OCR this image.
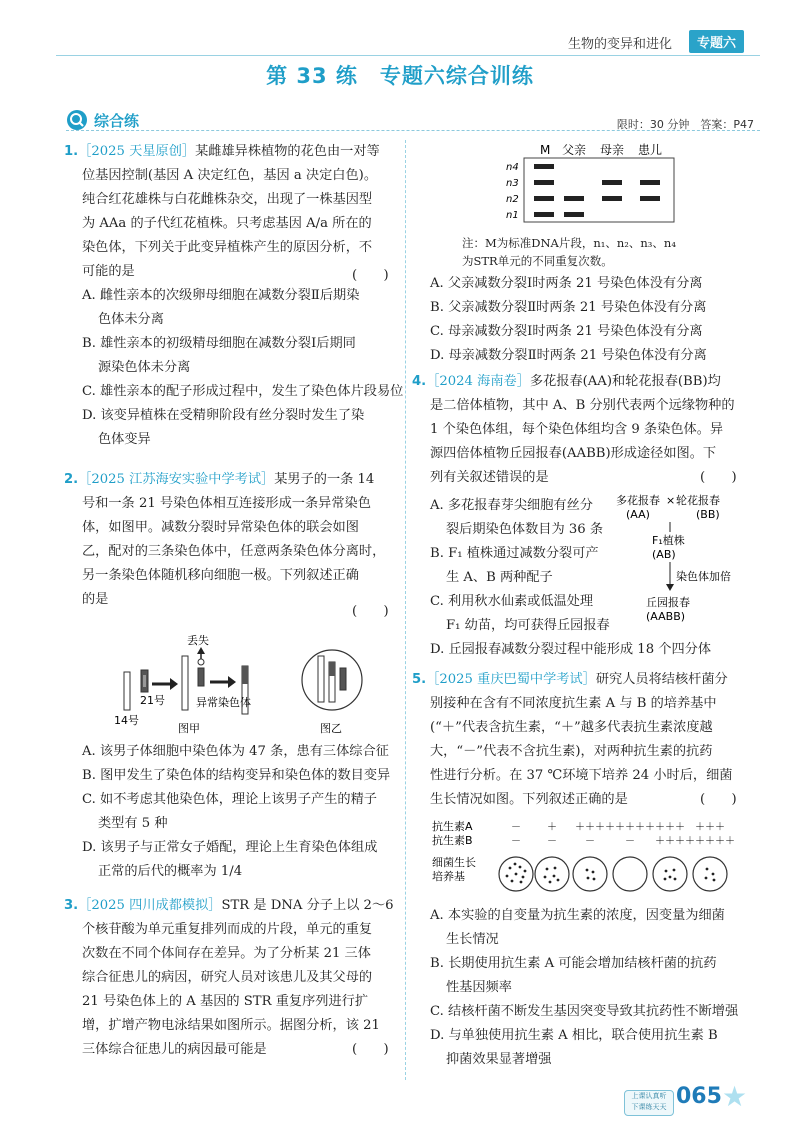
生物的变异和进化	专题六
第 33 练　专题六综合训练
综合练	限时：30 分钟　答案：P47
1.［2025 天星原创］某雌雄异株植物的花色由一对等
位基因控制(基因 A 决定红色，基因 a 决定白色)。
纯合红花雄株与白花雌株杂交，出现了一株基因型
为 AAa 的子代红花植株。只考虑基因 A/a 所在的
染色体，下列关于此变异植株产生的原因分析，不
可能的是
A. 雌性亲本的次级卵母细胞在减数分裂Ⅱ后期染
色体未分离
B. 雄性亲本的初级精母细胞在减数分裂Ⅰ后期同
源染色体未分离
C. 雄性亲本的配子形成过程中，发生了染色体片段易位
D. 该变异植株在受精卵阶段有丝分裂时发生了染
色体变异
(　　)
2.［2025 江苏海安实验中学考试］某男子的一条 14
号和一条 21 号染色体相互连接形成一条异常染色
体，如图甲。减数分裂时异常染色体的联会如图
乙，配对的三条染色体中，任意两条染色体分离时，
另一条染色体随机移向细胞一极。下列叙述正确
的是
(　　)
丢失
14号
21号	异常染色体
图甲	图乙
A. 该男子体细胞中染色体为 47 条，患有三体综合征
B. 图甲发生了染色体的结构变异和染色体的数目变异
C. 如不考虑其他染色体，理论上该男子产生的精子
类型有 5 种
D. 该男子与正常女子婚配，理论上生育染色体组成
正常的后代的概率为 1/4
3.［2025 四川成都模拟］STR 是 DNA 分子上以 2～6
个核苷酸为单元重复排列而成的片段，单元的重复
次数在不同个体间存在差异。为了分析某 21 三体
综合征患儿的病因，研究人员对该患儿及其父母的
21 号染色体上的 A 基因的 STR 重复序列进行扩
增，扩增产物电泳结果如图所示。据图分析，该 21
三体综合征患儿的病因最可能是	(　　)
M 父亲 母亲 患儿
n4
n3
n2
n1
注：M为标准DNA片段，n₁、n₂、n₃、n₄
为STR单元的不同重复次数。
A. 父亲减数分裂Ⅰ时两条 21 号染色体没有分离
B. 父亲减数分裂Ⅱ时两条 21 号染色体没有分离
C. 母亲减数分裂Ⅰ时两条 21 号染色体没有分离
D. 母亲减数分裂Ⅱ时两条 21 号染色体没有分离
4.［2024 海南卷］多花报春(AA)和轮花报春(BB)均
是二倍体植物，其中 A、B 分别代表两个远缘物种的
1 个染色体组，每个染色体组均含 9 条染色体。异
源四倍体植物丘园报春(AABB)形成途径如图。下
列有关叙述错误的是	(　　)
A. 多花报春芽尖细胞有丝分
裂后期染色体数目为 36 条
B. F₁ 植株通过减数分裂可产
生 A、B 两种配子
C. 利用秋水仙素或低温处理
F₁ 幼苗，均可获得丘园报春
D. 丘园报春减数分裂过程中能形成 18 个四分体
多花报春 × 轮花报春
(AA)	(BB)
F₁植株
(AB)
染色体加倍
丘园报春
(AABB)
5.［2025 重庆巴蜀中学考试］研究人员将结核杆菌分
别接种在含有不同浓度抗生素 A 与 B 的培养基中
(“＋”代表含抗生素，“＋”越多代表抗生素浓度越
大，“－”代表不含抗生素)，对两种抗生素的抗药
性进行分析。在 37 ℃环境下培养 24 小时后，细菌
生长情况如图。下列叙述正确的是	(　　)
抗生素A
抗生素B
细菌生长
培养基
－	＋ ＋＋＋ ＋＋＋＋＋ ＋＋＋ ＋＋＋
－	－	－	－ ＋＋＋ ＋＋＋＋＋
A. 本实验的自变量为抗生素的浓度，因变量为细菌
生长情况
B. 长期使用抗生素 A 可能会增加结核杆菌的抗药
性基因频率
C. 结核杆菌不断发生基因突变导致其抗药性不断增强
D. 与单独使用抗生素 A 相比，联合使用抗生素 B
抑菌效果显著增强
上课认真听
下课练天天 065 ★
